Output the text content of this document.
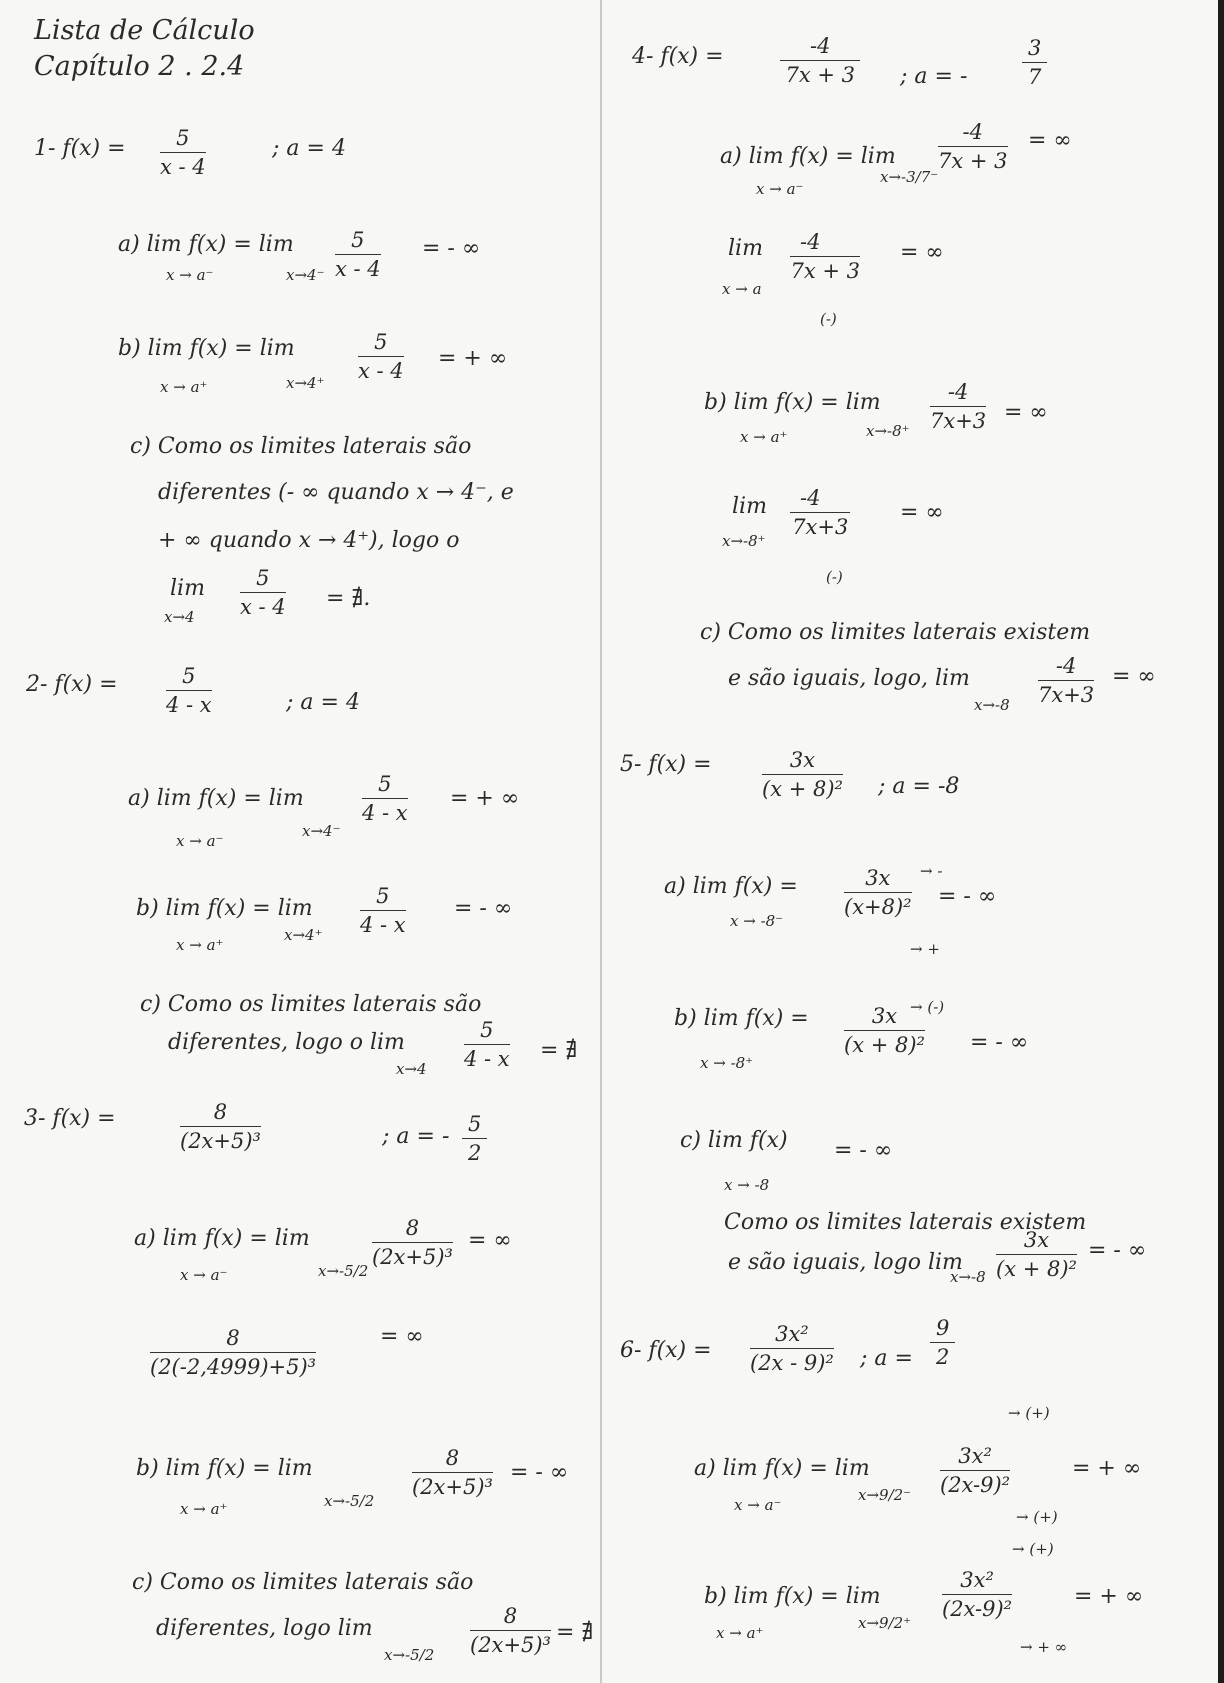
Lista de Cálculo
Capítulo 2 . 2.4
1- $f(x) = \frac{5}{x - 4}$	; a = 4
a) lim f(x) = lim
x → a⁻	$x\to 4^- \frac{5}{x - 4}$ = - ∞
b) lim f(x) = lim
x → a⁺	$x\to 4^+ \frac{5}{x - 4}$ = + ∞
c) Como os limites laterais são
diferentes (- ∞ quando x → 4⁻, e
+ ∞ quando x → 4⁺), logo o
lim
$x\to 4 \frac{5}{x - 4}$ = ∄.
2- $f(x) = \frac{5}{4 - x}$	; a = 4
a) lim f(x) = lim
x → a⁻
x→4⁻
$\frac{5}{4 - x}$ = + ∞
b) lim f(x) = lim
x → a⁺
$x\to 4^+ \frac{5}{4 - x}$ = - ∞
c) Como os limites laterais são
diferentes, logo o lim
$x\to 4 \frac{5}{4 - x}$ = ∄
3- f(x) =	$\frac{8}{\text{(2x+5)³}}$	; a = - $\frac{5}{2}$
a) lim f(x) = lim
x → a⁻	x→-5/2
$\frac{8}{\text{(2x+5)³}}$ = ∞
$\frac{8}{\text{(2(-2,4999)+5)³}}$	= ∞
b) lim f(x) = lim
x → a⁺	x→-5/2
$\frac{8}{\text{(2x+5)³}}$ = - ∞
c) Como os limites laterais são
diferentes, logo lim
$x\to-5/2 \frac{8}{\text{(2x+5)³}}$ = ∄
4- f(x) =	$\frac{-4}{7x + 3}$ ; a = -	$\frac{3}{7}$
a) lim f(x) = lim
x → a⁻
x→-3/7⁻
$\frac{-4}{7x + 3}$ = ∞
lim
x → a
$\frac{-4}{7x + 3}$ = ∞
(-)
b) lim f(x) = lim
x → a⁺	$x\to-8^+ \frac{-4}{7x+3}$ = ∞
lim
x→-8⁺
$\frac{-4}{7x+3}$ = ∞
(-)
c) Como os limites laterais existem
e são iguais, logo, lim
$x\to-8 \frac{-4}{7x+3}$ = ∞
5- $f(x) = \frac{3x}{\text{(x + 8)²}}$ ; a = -8
a) lim f(x) =
x → -8⁻
$\frac{3x}{\text{(x+8)²}}$ → -
→ +
= - ∞
b) lim f(x) =
x → -8⁺
$\frac{3x}{\text{(x + 8)²}}$
→ (-)
= - ∞
c) lim f(x)
x → -8
= - ∞
Como os limites laterais existem
e são iguais, logo lim
$x\to-8 \frac{3x}{\text{(x + 8)²}}$ = - ∞
6- $f(x) = \frac{\text{3x²}}{\text{(2x - 9)²}}$ ; $a = \frac{9}{2}$
a) lim f(x) = lim
x → a⁻
$x\to 9/2^- \frac{\text{3x²}}{\text{(2x-9)²}}$
→ (+)
→ (+)
= + ∞
b) lim f(x) = lim
x → a⁺
x→9/2⁺
$\frac{\text{3x²}}{\text{(2x-9)²}}$
→ (+)
→ + ∞
= + ∞
